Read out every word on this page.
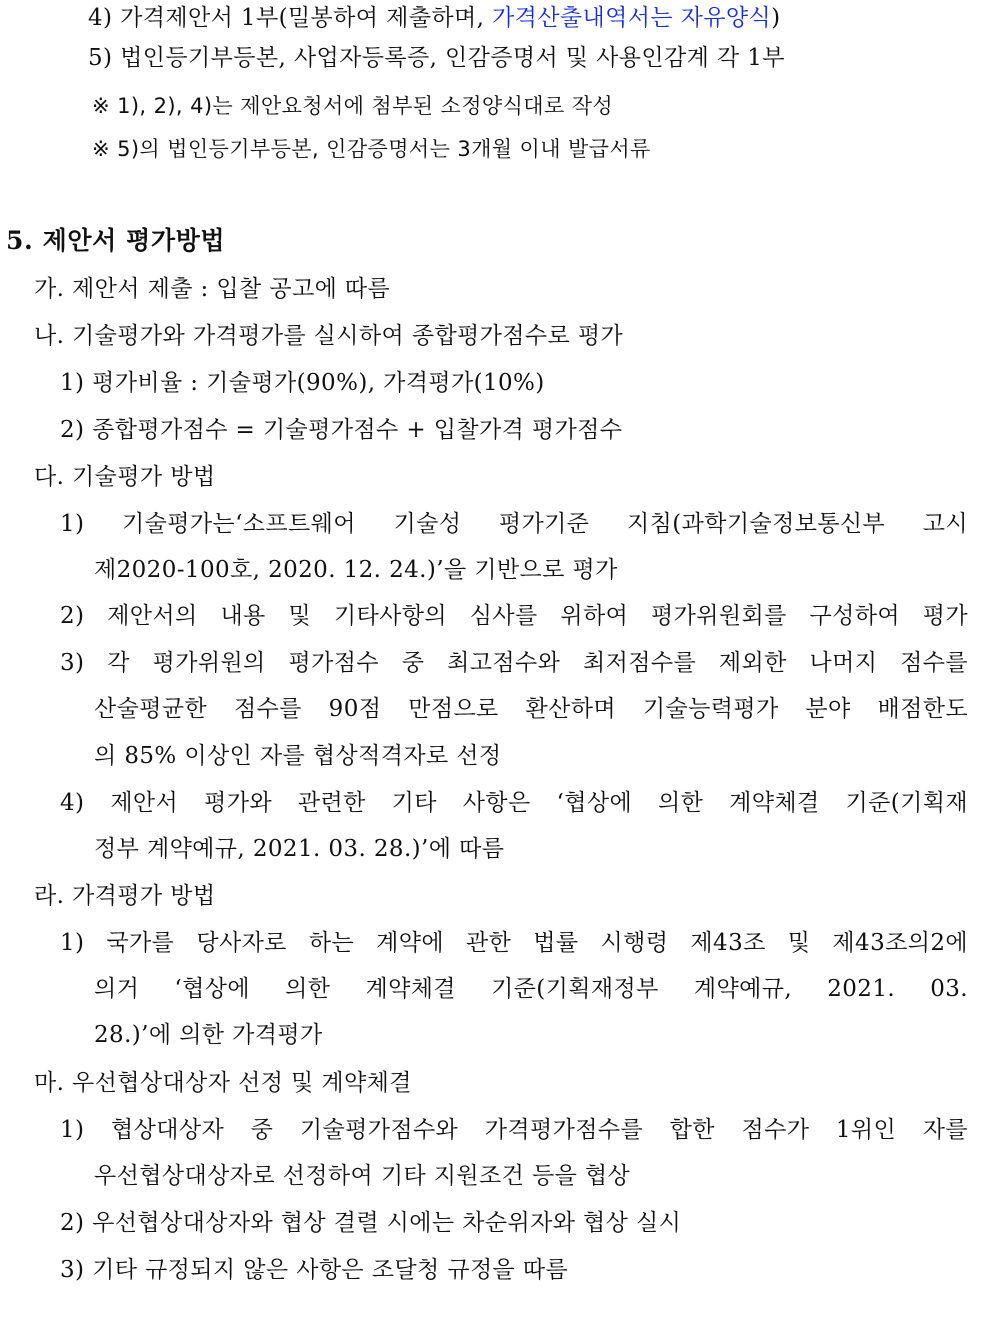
4) 가격제안서 1부(밀봉하여 제출하며, 가격산출내역서는 자유양식)
5) 법인등기부등본, 사업자등록증, 인감증명서 및 사용인감계 각 1부
※ 1), 2), 4)는 제안요청서에 첨부된 소정양식대로 작성
※ 5)의 법인등기부등본, 인감증명서는 3개월 이내 발급서류
5. 제안서 평가방법
가. 제안서 제출 : 입찰 공고에 따름
나. 기술평가와 가격평가를 실시하여 종합평가점수로 평가
1) 평가비율 : 기술평가(90%), 가격평가(10%)
2) 종합평가점수 = 기술평가점수 + 입찰가격 평가점수
다. 기술평가 방법
1) 기술평가는‘소프트웨어 기술성 평가기준 지침(과학기술정보통신부 고시
제2020-100호, 2020. 12. 24.)’을 기반으로 평가
2) 제안서의 내용 및 기타사항의 심사를 위하여 평가위원회를 구성하여 평가
3) 각 평가위원의 평가점수 중 최고점수와 최저점수를 제외한 나머지 점수를
산술평균한 점수를 90점 만점으로 환산하며 기술능력평가 분야 배점한도
의 85% 이상인 자를 협상적격자로 선정
4) 제안서 평가와 관련한 기타 사항은 ‘협상에 의한 계약체결 기준(기획재
정부 계약예규, 2021. 03. 28.)’에 따름
라. 가격평가 방법
1) 국가를 당사자로 하는 계약에 관한 법률 시행령 제43조 및 제43조의2에
의거 ‘협상에 의한 계약체결 기준(기획재정부 계약예규, 2021. 03.
28.)’에 의한 가격평가
마. 우선협상대상자 선정 및 계약체결
1) 협상대상자 중 기술평가점수와 가격평가점수를 합한 점수가 1위인 자를
우선협상대상자로 선정하여 기타 지원조건 등을 협상
2) 우선협상대상자와 협상 결렬 시에는 차순위자와 협상 실시
3) 기타 규정되지 않은 사항은 조달청 규정을 따름
